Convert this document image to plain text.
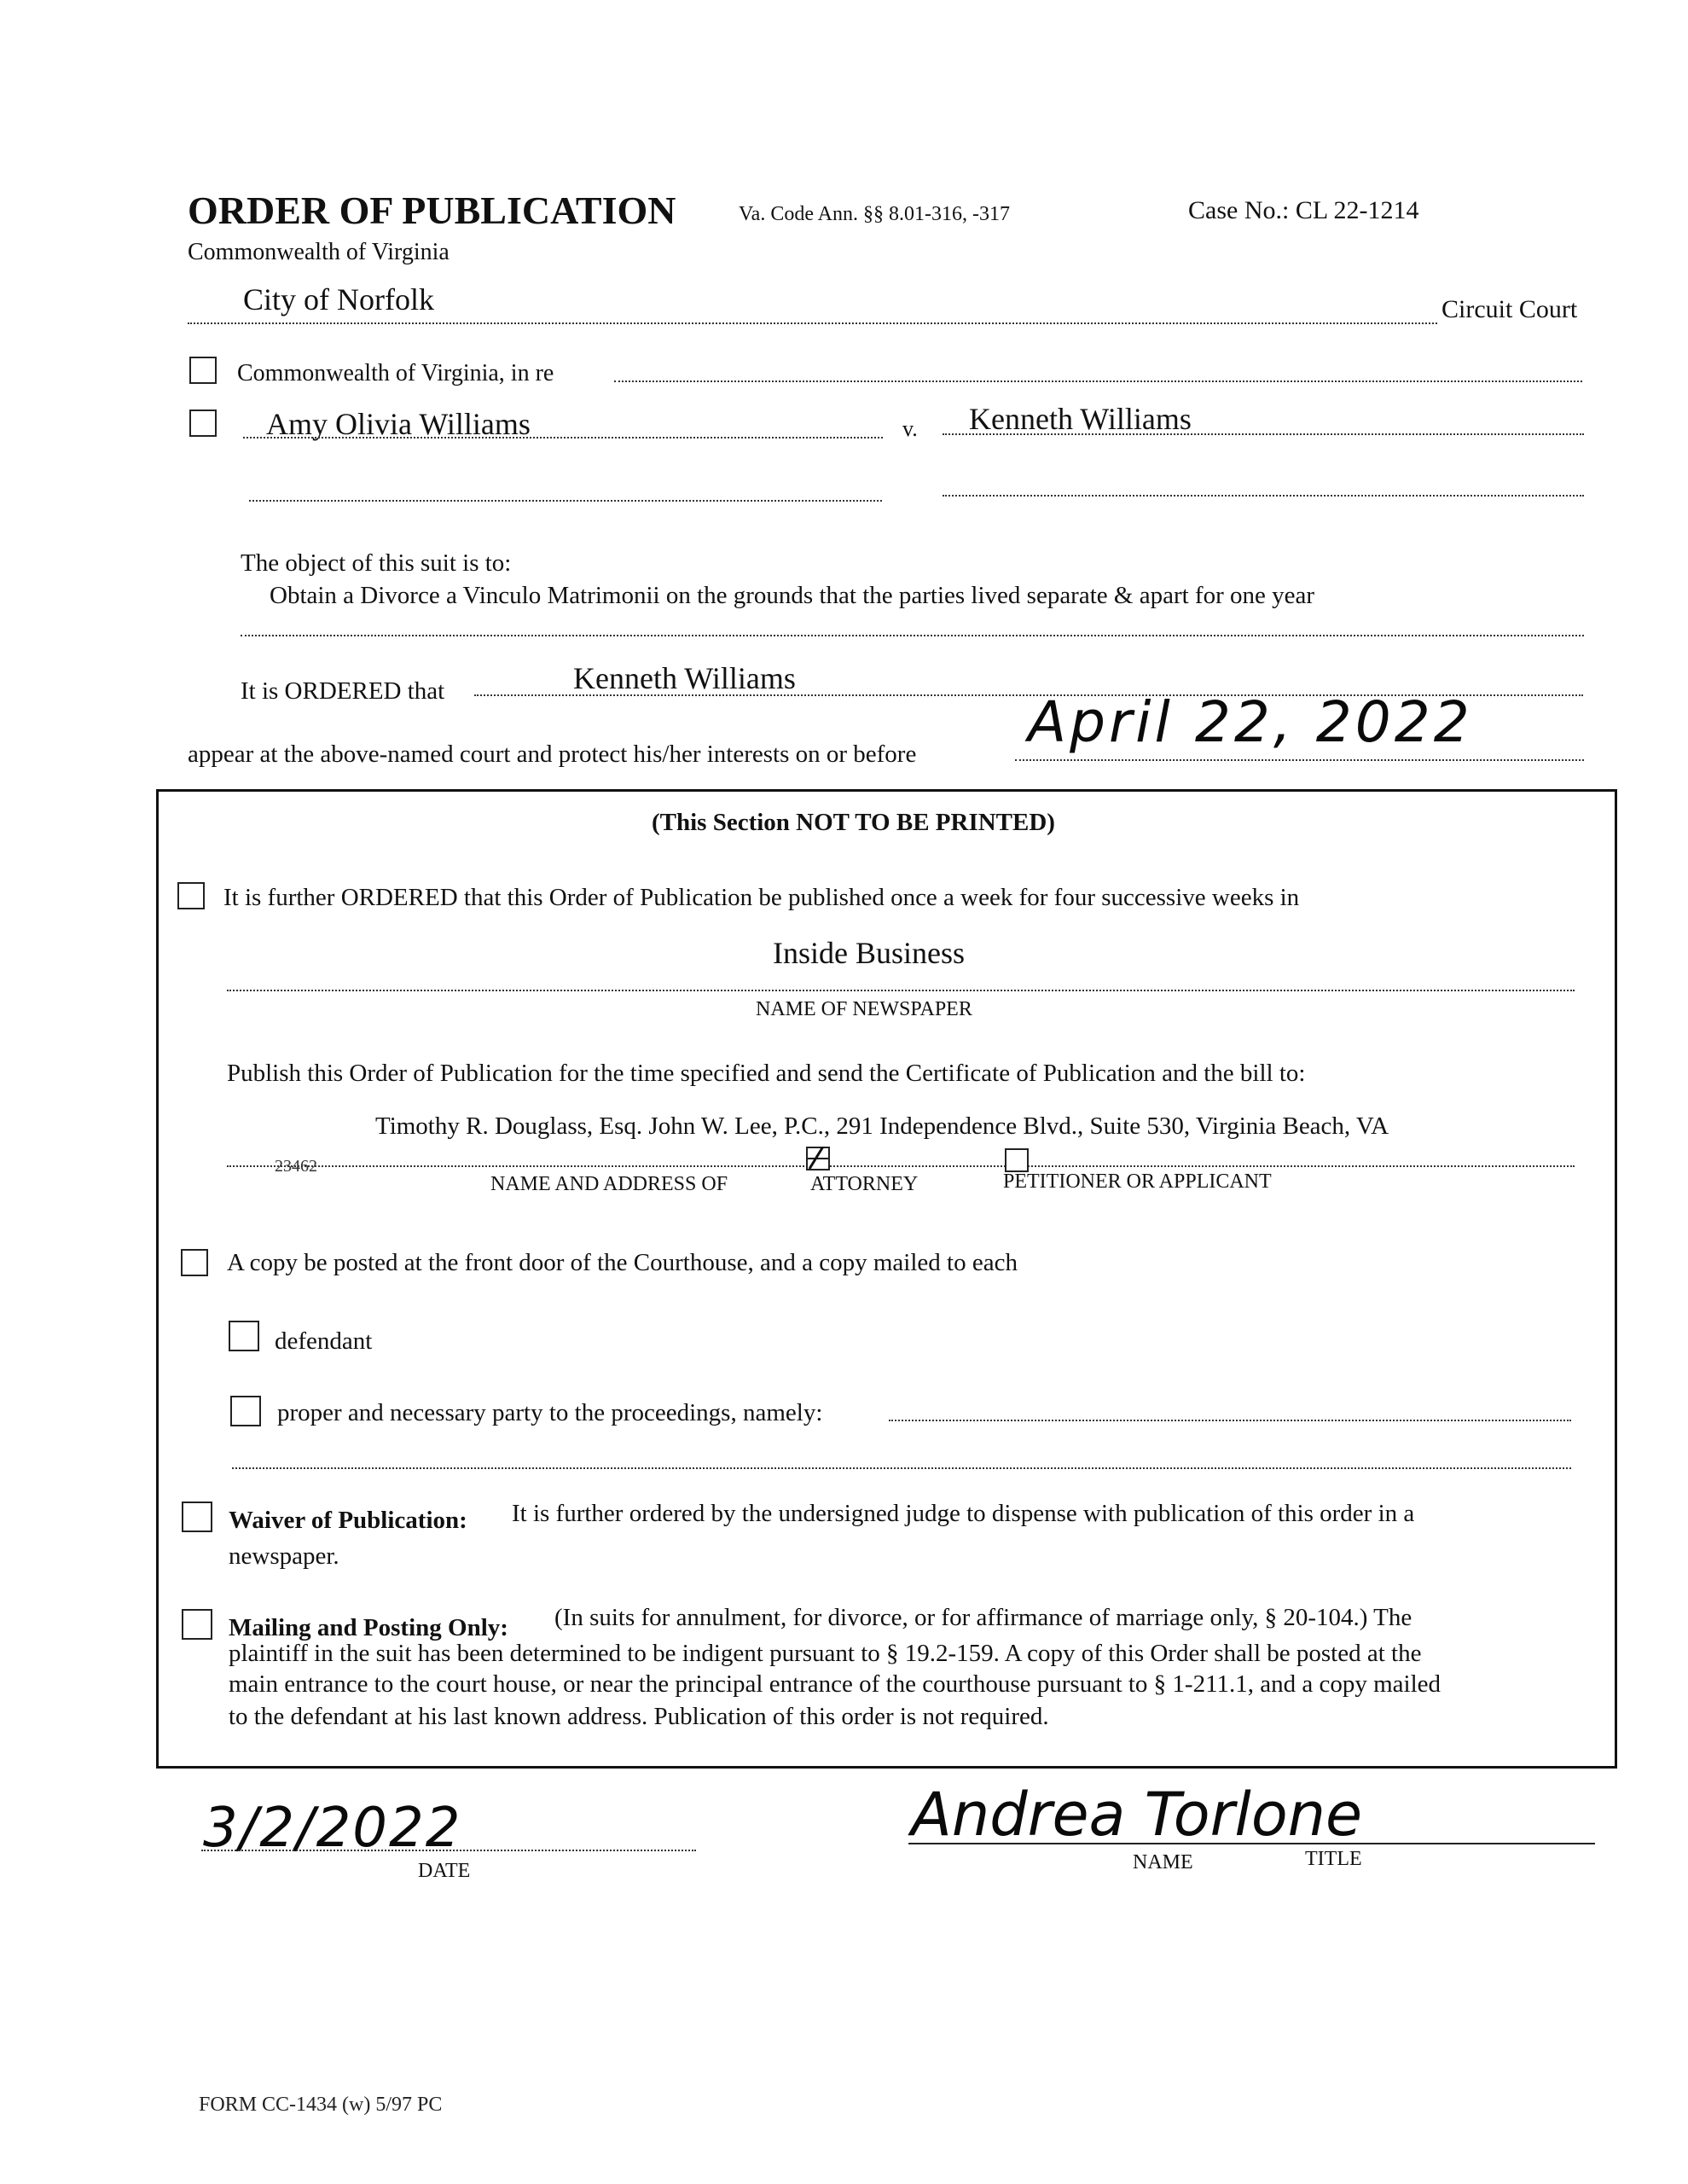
ORDER OF PUBLICATION	Va. Code Ann. §§ 8.01-316, -317	Case No.: CL 22-1214
Commonwealth of Virginia
City of Norfolk	Circuit Court
Commonwealth of Virginia, in re
Amy Olivia Williams	v. Kenneth Williams
The object of this suit is to:
Obtain a Divorce a Vinculo Matrimonii on the grounds that the parties lived separate & apart for one year
It is ORDERED that	Kenneth Williams
appear at the above-named court and protect his/her interests on or before April 22, 2022
(This Section NOT TO BE PRINTED)
It is further ORDERED that this Order of Publication be published once a week for four successive weeks in
Inside Business
NAME OF NEWSPAPER
Publish this Order of Publication for the time specified and send the Certificate of Publication and the bill to:
Timothy R. Douglass, Esq. John W. Lee, P.C., 291 Independence Blvd., Suite 530, Virginia Beach, VA
23462
NAME AND ADDRESS OF	ATTORNEY	PETITIONER OR APPLICANT
A copy be posted at the front door of the Courthouse, and a copy mailed to each
defendant
proper and necessary party to the proceedings, namely:
Waiver of Publication: It is further ordered by the undersigned judge to dispense with publication of this order in a
newspaper.
Mailing and Posting Only: (In suits for annulment, for divorce, or for affirmance of marriage only, § 20-104.) The
plaintiff in the suit has been determined to be indigent pursuant to § 19.2-159. A copy of this Order shall be posted at the
main entrance to the court house, or near the principal entrance of the courthouse pursuant to § 1-211.1, and a copy mailed
to the defendant at his last known address. Publication of this order is not required.
3/2/2022
DATE
Andrea Torlone
NAME	TITLE
FORM CC-1434 (w) 5/97 PC
